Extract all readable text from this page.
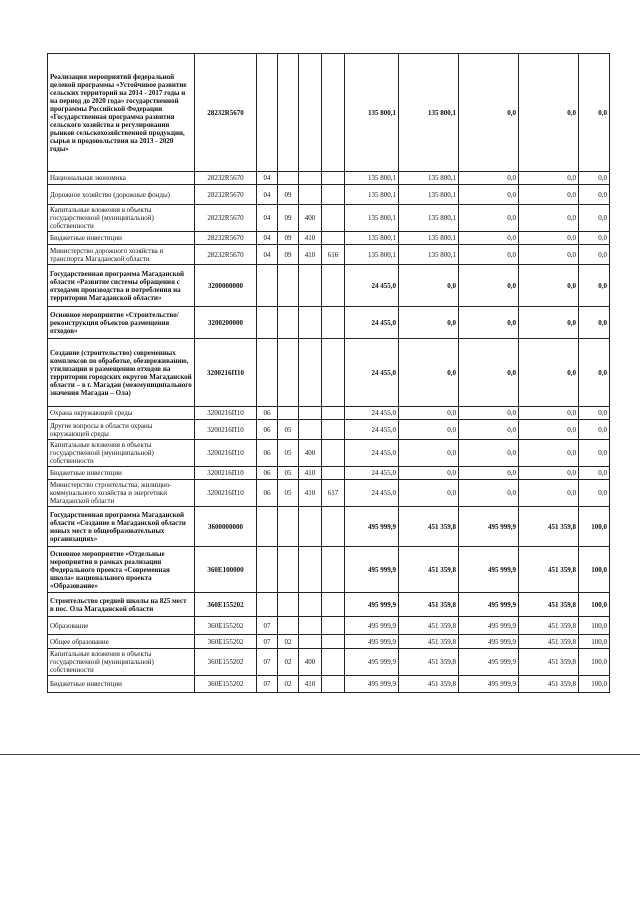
Реализация мероприятий федеральной целевой программы «Устойчивое развитие сельских территорий на 2014 - 2017 годы и на период до 2020 года» государственной программы Российской Федерации «Государственная программа развития сельского хозяйства и регулирования рынков сельскохозяйственной продукции, сырья и продовольствия на 2013 - 2020 годы»	28232R5670					135 800,1	135 800,1	0,0	0,0	0,0
Национальная экономика	28232R5670	04				135 800,1	135 800,1	0,0	0,0	0,0
Дорожное хозяйство (дорожные фонды)	28232R5670	04	09			135 800,1	135 800,1	0,0	0,0	0,0
Капитальные вложения в объекты государственной (муниципальной) собственности	28232R5670	04	09	400		135 800,1	135 800,1	0,0	0,0	0,0
Бюджетные инвестиции	28232R5670	04	09	410		135 800,1	135 800,1	0,0	0,0	0,0
Министерство дорожного хозяйства и транспорта Магаданской области	28232R5670	04	09	410	616	135 800,1	135 800,1	0,0	0,0	0,0
Государственная программа Магаданской области «Развитие системы обращения с отходами производства и потребления на территории Магаданской области»	3200000000					24 455,0	0,0	0,0	0,0	0,0
Основное мероприятие «Строительство/реконструкция объектов размещения отходов»	3200200000					24 455,0	0,0	0,0	0,0	0,0
Создание (строительство) современных комплексов по обработке, обезвреживанию, утилизации и размещению отходов на территории городских округов Магаданской области – в г. Магадан (межмуниципального значения Магадан – Ола)	3200216П10					24 455,0	0,0	0,0	0,0	0,0
Охрана окружающей среды	3200216П10	06				24 455,0	0,0	0,0	0,0	0,0
Другие вопросы в области охраны окружающей среды	3200216П10	06	05			24 455,0	0,0	0,0	0,0	0,0
Капитальные вложения в объекты государственной (муниципальной) собственности	3200216П10	06	05	400		24 455,0	0,0	0,0	0,0	0,0
Бюджетные инвестиции	3200216П10	06	05	410		24 455,0	0,0	0,0	0,0	0,0
Министерство строительства, жилищно-коммунального хозяйства и энергетики Магаданской области	3200216П10	06	05	410	617	24 455,0	0,0	0,0	0,0	0,0
Государственная программа Магаданской области «Создание в Магаданской области новых мест в общеобразовательных организациях»	3600000000					495 999,9	451 359,8	495 999,9	451 359,8	100,0
Основное мероприятие «Отдельные мероприятия в рамках реализации Федерального проекта «Современная школа» национального проекта «Образование»	360E100000					495 999,9	451 359,8	495 999,9	451 359,8	100,0
Строительство средней школы на 825 мест в пос. Ола Магаданской области	360E155202					495 999,9	451 359,8	495 999,9	451 359,8	100,0
Образование	360E155202	07				495 999,9	451 359,8	495 999,9	451 359,8	100,0
Общее образование	360E155202	07	02			495 999,9	451 359,8	495 999,9	451 359,8	100,0
Капитальные вложения в объекты государственной (муниципальной) собственности	360E155202	07	02	400		495 999,9	451 359,8	495 999,9	451 359,8	100,0
Бюджетные инвестиции	360E155202	07	02	410		495 999,9	451 359,8	495 999,9	451 359,8	100,0
